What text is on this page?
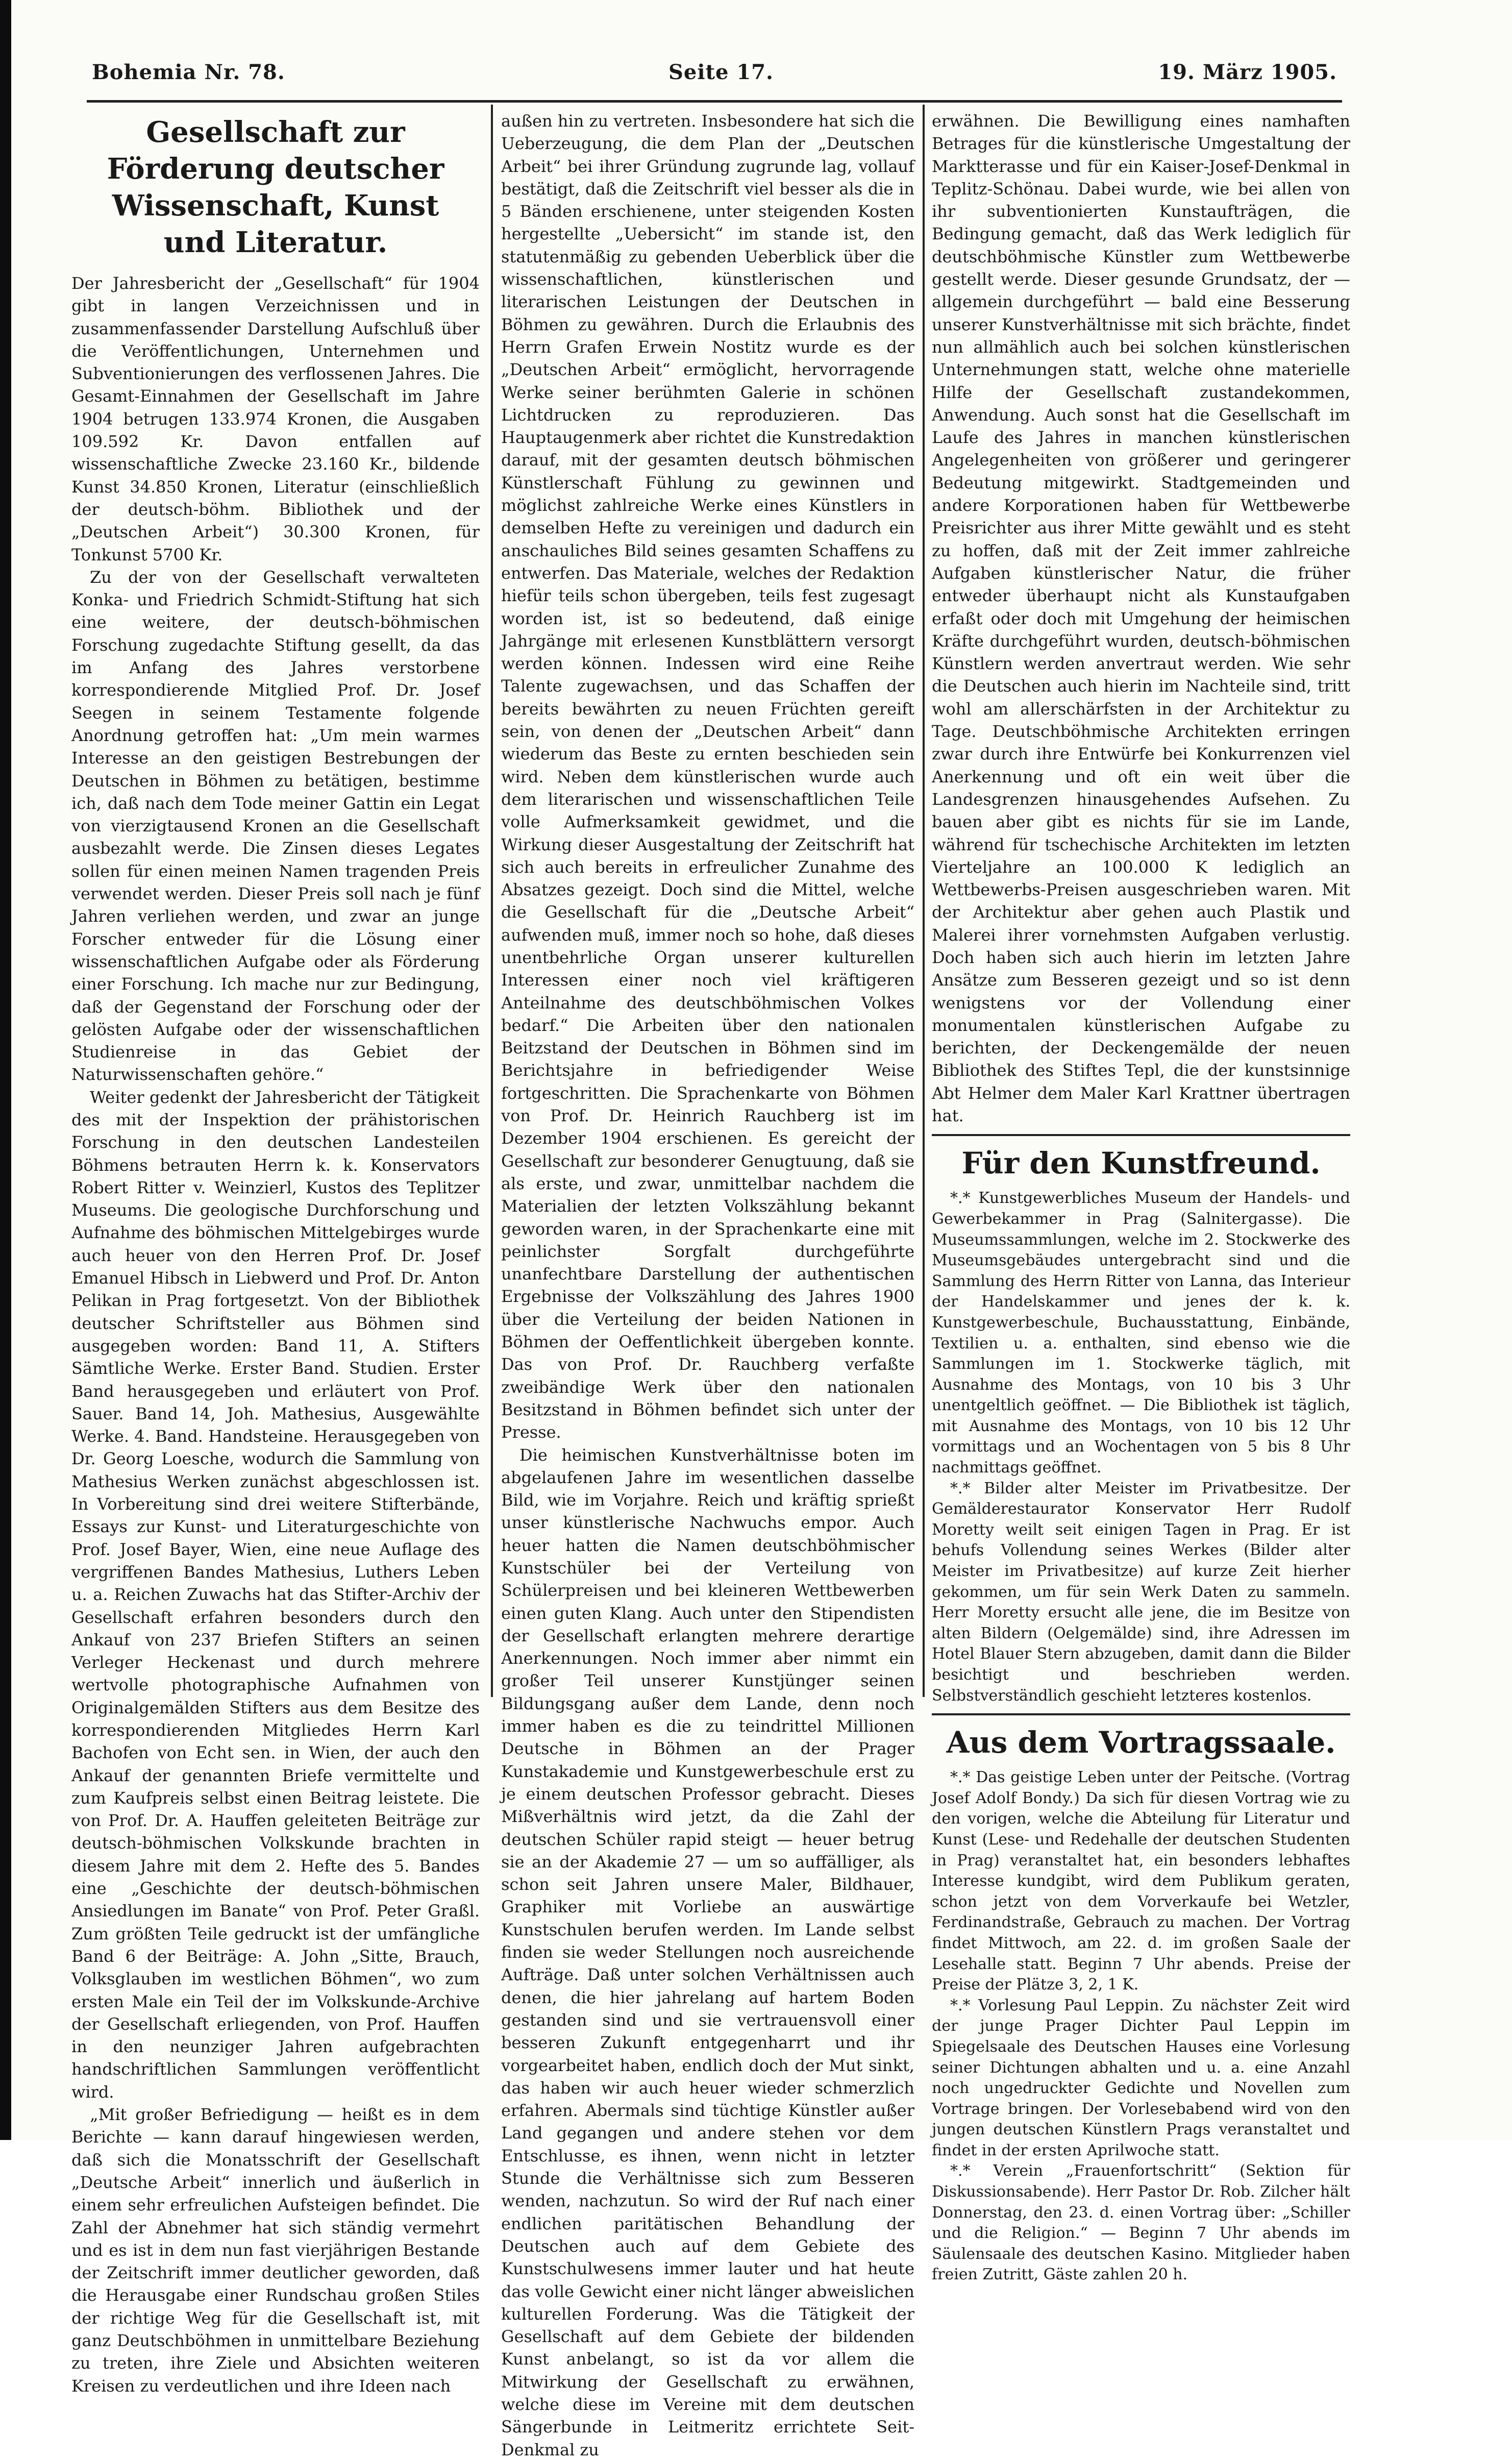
Bohemia Nr. 78.	Seite 17.	19. März 1905.
Gesellschaft zur Förderung deutscher Wissenschaft, Kunst und Literatur.

Der Jahresbericht der „Gesellschaft“ für 1904 gibt in langen Verzeichnissen und in zusammenfassender Darstellung Aufschluß über die Veröffentlichungen, Unternehmen und Subventionierungen des verflossenen Jahres. Die Gesamt-Einnahmen der Gesellschaft im Jahre 1904 betrugen 133.974 Kronen, die Ausgaben 109.592 Kr. Davon entfallen auf wissenschaftliche Zwecke 23.160 Kr., bildende Kunst 34.850 Kronen, Literatur (einschließlich der deutsch-böhm. Bibliothek und der „Deutschen Arbeit“) 30.300 Kronen, für Tonkunst 5700 Kr.

Zu der von der Gesellschaft verwalteten Konka- und Friedrich Schmidt-Stiftung hat sich eine weitere, der deutsch-böhmischen Forschung zugedachte Stiftung gesellt, da das im Anfang des Jahres verstorbene korrespondierende Mitglied Prof. Dr. Josef Seegen in seinem Testamente folgende Anordnung getroffen hat: „Um mein warmes Interesse an den geistigen Bestrebungen der Deutschen in Böhmen zu betätigen, bestimme ich, daß nach dem Tode meiner Gattin ein Legat von vierzigtausend Kronen an die Gesellschaft ausbezahlt werde. Die Zinsen dieses Legates sollen für einen meinen Namen tragenden Preis verwendet werden. Dieser Preis soll nach je fünf Jahren verliehen werden, und zwar an junge Forscher entweder für die Lösung einer wissenschaftlichen Aufgabe oder als Förderung einer Forschung. Ich mache nur zur Bedingung, daß der Gegenstand der Forschung oder der gelösten Aufgabe oder der wissenschaftlichen Studienreise in das Gebiet der Naturwissenschaften gehöre.“

Weiter gedenkt der Jahresbericht der Tätigkeit des mit der Inspektion der prähistorischen Forschung in den deutschen Landesteilen Böhmens betrauten Herrn k. k. Konservators Robert Ritter v. Weinzierl, Kustos des Teplitzer Museums. Die geologische Durchforschung und Aufnahme des böhmischen Mittelgebirges wurde auch heuer von den Herren Prof. Dr. Josef Emanuel Hibsch in Liebwerd und Prof. Dr. Anton Pelikan in Prag fortgesetzt. Von der Bibliothek deutscher Schriftsteller aus Böhmen sind ausgegeben worden: Band 11, A. Stifters Sämtliche Werke. Erster Band. Studien. Erster Band herausgegeben und erläutert von Prof. Sauer. Band 14, Joh. Mathesius, Ausgewählte Werke. 4. Band. Handsteine. Herausgegeben von Dr. Georg Loesche, wodurch die Sammlung von Mathesius Werken zunächst abgeschlossen ist. In Vorbereitung sind drei weitere Stifterbände, Essays zur Kunst- und Literaturgeschichte von Prof. Josef Bayer, Wien, eine neue Auflage des vergriffenen Bandes Mathesius, Luthers Leben u. a. Reichen Zuwachs hat das Stifter-Archiv der Gesellschaft erfahren besonders durch den Ankauf von 237 Briefen Stifters an seinen Verleger Heckenast und durch mehrere wertvolle photographische Aufnahmen von Originalgemälden Stifters aus dem Besitze des korrespondierenden Mitgliedes Herrn Karl Bachofen von Echt sen. in Wien, der auch den Ankauf der genannten Briefe vermittelte und zum Kaufpreis selbst einen Beitrag leistete. Die von Prof. Dr. A. Hauffen geleiteten Beiträge zur deutsch-böhmischen Volkskunde brachten in diesem Jahre mit dem 2. Hefte des 5. Bandes eine „Geschichte der deutsch-böhmischen Ansiedlungen im Banate“ von Prof. Peter Graßl. Zum größten Teile gedruckt ist der umfängliche Band 6 der Beiträge: A. John „Sitte, Brauch, Volksglauben im westlichen Böhmen“, wo zum ersten Male ein Teil der im Volkskunde-Archive der Gesellschaft erliegenden, von Prof. Hauffen in den neunziger Jahren aufgebrachten handschriftlichen Sammlungen veröffentlicht wird.

„Mit großer Befriedigung — heißt es in dem Berichte — kann darauf hingewiesen werden, daß sich die Monatsschrift der Gesellschaft „Deutsche Arbeit“ innerlich und äußerlich in einem sehr erfreulichen Aufsteigen befindet. Die Zahl der Abnehmer hat sich ständig vermehrt und es ist in dem nun fast vierjährigen Bestande der Zeitschrift immer deutlicher geworden, daß die Herausgabe einer Rundschau großen Stiles der richtige Weg für die Gesellschaft ist, mit ganz Deutschböhmen in unmittelbare Beziehung zu treten, ihre Ziele und Absichten weiteren Kreisen zu verdeutlichen und ihre Ideen nach

außen hin zu vertreten. Insbesondere hat sich die Ueberzeugung, die dem Plan der „Deutschen Arbeit“ bei ihrer Gründung zugrunde lag, vollauf bestätigt, daß die Zeitschrift viel besser als die in 5 Bänden erschienene, unter steigenden Kosten hergestellte „Uebersicht“ im stande ist, den statutenmäßig zu gebenden Ueberblick über die wissenschaftlichen, künstlerischen und literarischen Leistungen der Deutschen in Böhmen zu gewähren. Durch die Erlaubnis des Herrn Grafen Erwein Nostitz wurde es der „Deutschen Arbeit“ ermöglicht, hervorragende Werke seiner berühmten Galerie in schönen Lichtdrucken zu reproduzieren. Das Hauptaugenmerk aber richtet die Kunstredaktion darauf, mit der gesamten deutsch böhmischen Künstlerschaft Fühlung zu gewinnen und möglichst zahlreiche Werke eines Künstlers in demselben Hefte zu vereinigen und dadurch ein anschauliches Bild seines gesamten Schaffens zu entwerfen. Das Materiale, welches der Redaktion hiefür teils schon übergeben, teils fest zugesagt worden ist, ist so bedeutend, daß einige Jahrgänge mit erlesenen Kunstblättern versorgt werden können. Indessen wird eine Reihe Talente zugewachsen, und das Schaffen der bereits bewährten zu neuen Früchten gereift sein, von denen der „Deutschen Arbeit“ dann wiederum das Beste zu ernten beschieden sein wird. Neben dem künstlerischen wurde auch dem literarischen und wissenschaftlichen Teile volle Aufmerksamkeit gewidmet, und die Wirkung dieser Ausgestaltung der Zeitschrift hat sich auch bereits in erfreulicher Zunahme des Absatzes gezeigt. Doch sind die Mittel, welche die Gesellschaft für die „Deutsche Arbeit“ aufwenden muß, immer noch so hohe, daß dieses unentbehrliche Organ unserer kulturellen Interessen einer noch viel kräftigeren Anteilnahme des deutschböhmischen Volkes bedarf.“ Die Arbeiten über den nationalen Beitzstand der Deutschen in Böhmen sind im Berichtsjahre in befriedigender Weise fortgeschritten. Die Sprachenkarte von Böhmen von Prof. Dr. Heinrich Rauchberg ist im Dezember 1904 erschienen. Es gereicht der Gesellschaft zur besonderer Genugtuung, daß sie als erste, und zwar, unmittelbar nachdem die Materialien der letzten Volkszählung bekannt geworden waren, in der Sprachenkarte eine mit peinlichster Sorgfalt durchgeführte unanfechtbare Darstellung der authentischen Ergebnisse der Volkszählung des Jahres 1900 über die Verteilung der beiden Nationen in Böhmen der Oeffentlichkeit übergeben konnte. Das von Prof. Dr. Rauchberg verfaßte zweibändige Werk über den nationalen Besitzstand in Böhmen befindet sich unter der Presse.

Die heimischen Kunstverhältnisse boten im abgelaufenen Jahre im wesentlichen dasselbe Bild, wie im Vorjahre. Reich und kräftig sprießt unser künstlerische Nachwuchs empor. Auch heuer hatten die Namen deutschböhmischer Kunstschüler bei der Verteilung von Schülerpreisen und bei kleineren Wettbewerben einen guten Klang. Auch unter den Stipendisten der Gesellschaft erlangten mehrere derartige Anerkennungen. Noch immer aber nimmt ein großer Teil unserer Kunstjünger seinen Bildungsgang außer dem Lande, denn noch immer haben es die zu teindrittel Millionen Deutsche in Böhmen an der Prager Kunstakademie und Kunstgewerbeschule erst zu je einem deutschen Professor gebracht. Dieses Mißverhältnis wird jetzt, da die Zahl der deutschen Schüler rapid steigt — heuer betrug sie an der Akademie 27 — um so auffälliger, als schon seit Jahren unsere Maler, Bildhauer, Graphiker mit Vorliebe an auswärtige Kunstschulen berufen werden. Im Lande selbst finden sie weder Stellungen noch ausreichende Aufträge. Daß unter solchen Verhältnissen auch denen, die hier jahrelang auf hartem Boden gestanden sind und sie vertrauensvoll einer besseren Zukunft entgegenharrt und ihr vorgearbeitet haben, endlich doch der Mut sinkt, das haben wir auch heuer wieder schmerzlich erfahren. Abermals sind tüchtige Künstler außer Land gegangen und andere stehen vor dem Entschlusse, es ihnen, wenn nicht in letzter Stunde die Verhältnisse sich zum Besseren wenden, nachzutun. So wird der Ruf nach einer endlichen paritätischen Behandlung der Deutschen auch auf dem Gebiete des Kunstschulwesens immer lauter und hat heute das volle Gewicht einer nicht länger abweislichen kulturellen Forderung. Was die Tätigkeit der Gesellschaft auf dem Gebiete der bildenden Kunst anbelangt, so ist da vor allem die Mitwirkung der Gesellschaft zu erwähnen, welche diese im Vereine mit dem deutschen Sängerbunde in Leitmeritz errichtete Seit-Denkmal zu

erwähnen. Die Bewilligung eines namhaften Betrages für die künstlerische Umgestaltung der Marktterasse und für ein Kaiser-Josef-Denkmal in Teplitz-Schönau. Dabei wurde, wie bei allen von ihr subventionierten Kunstaufträgen, die Bedingung gemacht, daß das Werk lediglich für deutschböhmische Künstler zum Wettbewerbe gestellt werde. Dieser gesunde Grundsatz, der — allgemein durchgeführt — bald eine Besserung unserer Kunstverhältnisse mit sich brächte, findet nun allmählich auch bei solchen künstlerischen Unternehmungen statt, welche ohne materielle Hilfe der Gesellschaft zustandekommen, Anwendung. Auch sonst hat die Gesellschaft im Laufe des Jahres in manchen künstlerischen Angelegenheiten von größerer und geringerer Bedeutung mitgewirkt. Stadtgemeinden und andere Korporationen haben für Wettbewerbe Preisrichter aus ihrer Mitte gewählt und es steht zu hoffen, daß mit der Zeit immer zahlreiche Aufgaben künstlerischer Natur, die früher entweder überhaupt nicht als Kunstaufgaben erfaßt oder doch mit Umgehung der heimischen Kräfte durchgeführt wurden, deutsch-böhmischen Künstlern werden anvertraut werden. Wie sehr die Deutschen auch hierin im Nachteile sind, tritt wohl am allerschärfsten in der Architektur zu Tage. Deutschböhmische Architekten erringen zwar durch ihre Entwürfe bei Konkurrenzen viel Anerkennung und oft ein weit über die Landesgrenzen hinausgehendes Aufsehen. Zu bauen aber gibt es nichts für sie im Lande, während für tschechische Architekten im letzten Vierteljahre an 100.000 K lediglich an Wettbewerbs-Preisen ausgeschrieben waren. Mit der Architektur aber gehen auch Plastik und Malerei ihrer vornehmsten Aufgaben verlustig. Doch haben sich auch hierin im letzten Jahre Ansätze zum Besseren gezeigt und so ist denn wenigstens vor der Vollendung einer monumentalen künstlerischen Aufgabe zu berichten, der Deckengemälde der neuen Bibliothek des Stiftes Tepl, die der kunstsinnige Abt Helmer dem Maler Karl Krattner übertragen hat.

Für den Kunstfreund.

*.* Kunstgewerbliches Museum der Handels- und Gewerbekammer in Prag (Salnitergasse). Die Museumssammlungen, welche im 2. Stockwerke des Museumsgebäudes untergebracht sind und die Sammlung des Herrn Ritter von Lanna, das Interieur der Handelskammer und jenes der k. k. Kunstgewerbeschule, Buchausstattung, Einbände, Textilien u. a. enthalten, sind ebenso wie die Sammlungen im 1. Stockwerke täglich, mit Ausnahme des Montags, von 10 bis 3 Uhr unentgeltlich geöffnet. — Die Bibliothek ist täglich, mit Ausnahme des Montags, von 10 bis 12 Uhr vormittags und an Wochentagen von 5 bis 8 Uhr nachmittags geöffnet.

*.* Bilder alter Meister im Privatbesitze. Der Gemälderestaurator Konservator Herr Rudolf Moretty weilt seit einigen Tagen in Prag. Er ist behufs Vollendung seines Werkes (Bilder alter Meister im Privatbesitze) auf kurze Zeit hierher gekommen, um für sein Werk Daten zu sammeln. Herr Moretty ersucht alle jene, die im Besitze von alten Bildern (Oelgemälde) sind, ihre Adressen im Hotel Blauer Stern abzugeben, damit dann die Bilder besichtigt und beschrieben werden. Selbstverständlich geschieht letzteres kostenlos.

Aus dem Vortragssaale.

*.* Das geistige Leben unter der Peitsche. (Vortrag Josef Adolf Bondy.) Da sich für diesen Vortrag wie zu den vorigen, welche die Abteilung für Literatur und Kunst (Lese- und Redehalle der deutschen Studenten in Prag) veranstaltet hat, ein besonders lebhaftes Interesse kundgibt, wird dem Publikum geraten, schon jetzt von dem Vorverkaufe bei Wetzler, Ferdinandstraße, Gebrauch zu machen. Der Vortrag findet Mittwoch, am 22. d. im großen Saale der Lesehalle statt. Beginn 7 Uhr abends. Preise der Preise der Plätze 3, 2, 1 K.

*.* Vorlesung Paul Leppin. Zu nächster Zeit wird der junge Prager Dichter Paul Leppin im Spiegelsaale des Deutschen Hauses eine Vorlesung seiner Dichtungen abhalten und u. a. eine Anzahl noch ungedruckter Gedichte und Novellen zum Vortrage bringen. Der Vorlesebabend wird von den jungen deutschen Künstlern Prags veranstaltet und findet in der ersten Aprilwoche statt.

*.* Verein „Frauenfortschritt“ (Sektion für Diskussionsabende). Herr Pastor Dr. Rob. Zilcher hält Donnerstag, den 23. d. einen Vortrag über: „Schiller und die Religion.“ — Beginn 7 Uhr abends im Säulensaale des deutschen Kasino. Mitglieder haben freien Zutritt, Gäste zahlen 20 h.
